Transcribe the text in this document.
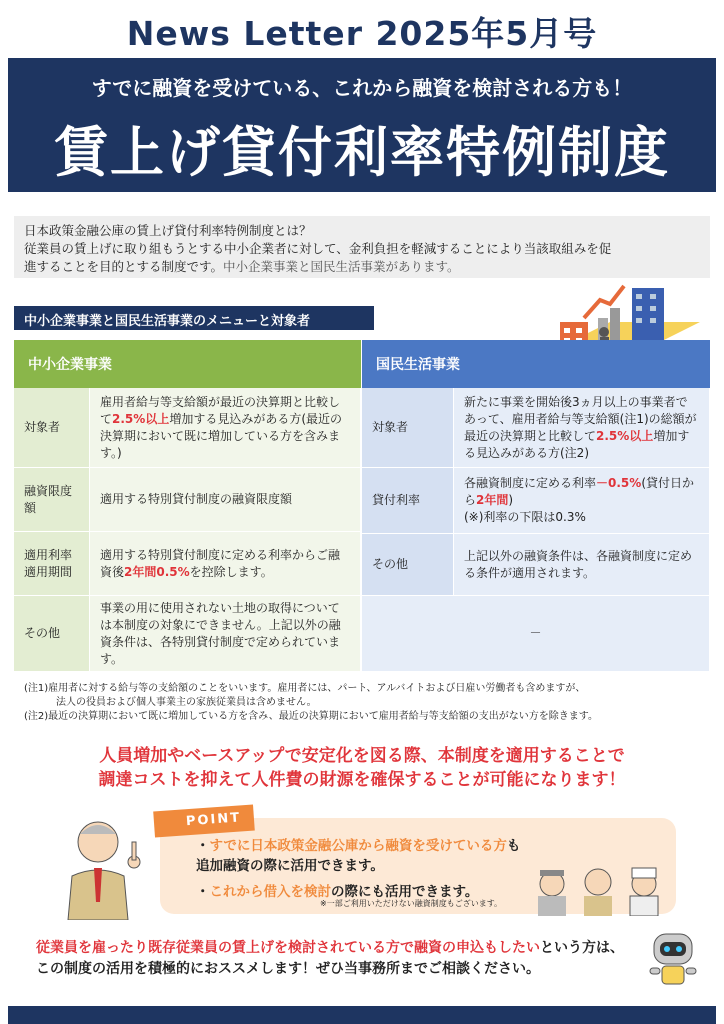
News Letter 2025年5月号
すでに融資を受けている、これから融資を検討される方も！
賃上げ貸付利率特例制度
日本政策金融公庫の賃上げ貸付利率特例制度とは？
従業員の賃上げに取り組もうとする中小企業者に対して、金利負担を軽減することにより当該取組みを促
進することを目的とする制度です。中小企業事業と国民生活事業があります。
中小企業事業と国民生活事業のメニューと対象者
中小企業事業	国民生活事業
対象者
雇用者給与等支給額が最近の決算期と比較して2.5%以上増加する見込みがある方(最近の決算期において既に増加している方を含みます。)
融資限度額
適用する特別貸付制度の融資限度額
適用利率適用期間
適用する特別貸付制度に定める利率からご融資後2年間0.5%を控除します。
その他
事業の用に使用されない土地の取得については本制度の対象にできません。上記以外の融資条件は、各特別貸付制度で定められています。
対象者
新たに事業を開始後3ヵ月以上の事業者であって、雇用者給与等支給額(注1)の総額が最近の決算期と比較して2.5%以上増加する見込みがある方(注2)
貸付利率
各融資制度に定める利率－0.5%(貸付日から2年間)
(※)利率の下限は0.3%
その他
上記以外の融資条件は、各融資制度に定める条件が適用されます。
－
(注1)雇用者に対する給与等の支給額のことをいいます。雇用者には、パート、アルバイトおよび日雇い労働者も含めますが、
法人の役員および個人事業主の家族従業員は含めません。
(注2)最近の決算期において既に増加している方を含み、最近の決算期において雇用者給与等支給額の支出がない方を除きます。
人員増加やベースアップで安定化を図る際、本制度を適用することで
調達コストを抑えて人件費の財源を確保することが可能になります！
POINT
・すでに日本政策金融公庫から融資を受けている方も追加融資の際に活用できます。
・これから借入を検討の際にも活用できます。
※一部ご利用いただけない融資制度もございます。
従業員を雇ったり既存従業員の賃上げを検討されている方で融資の申込もしたいという方は、この制度の活用を積極的におススメします！ぜひ当事務所までご相談ください。
